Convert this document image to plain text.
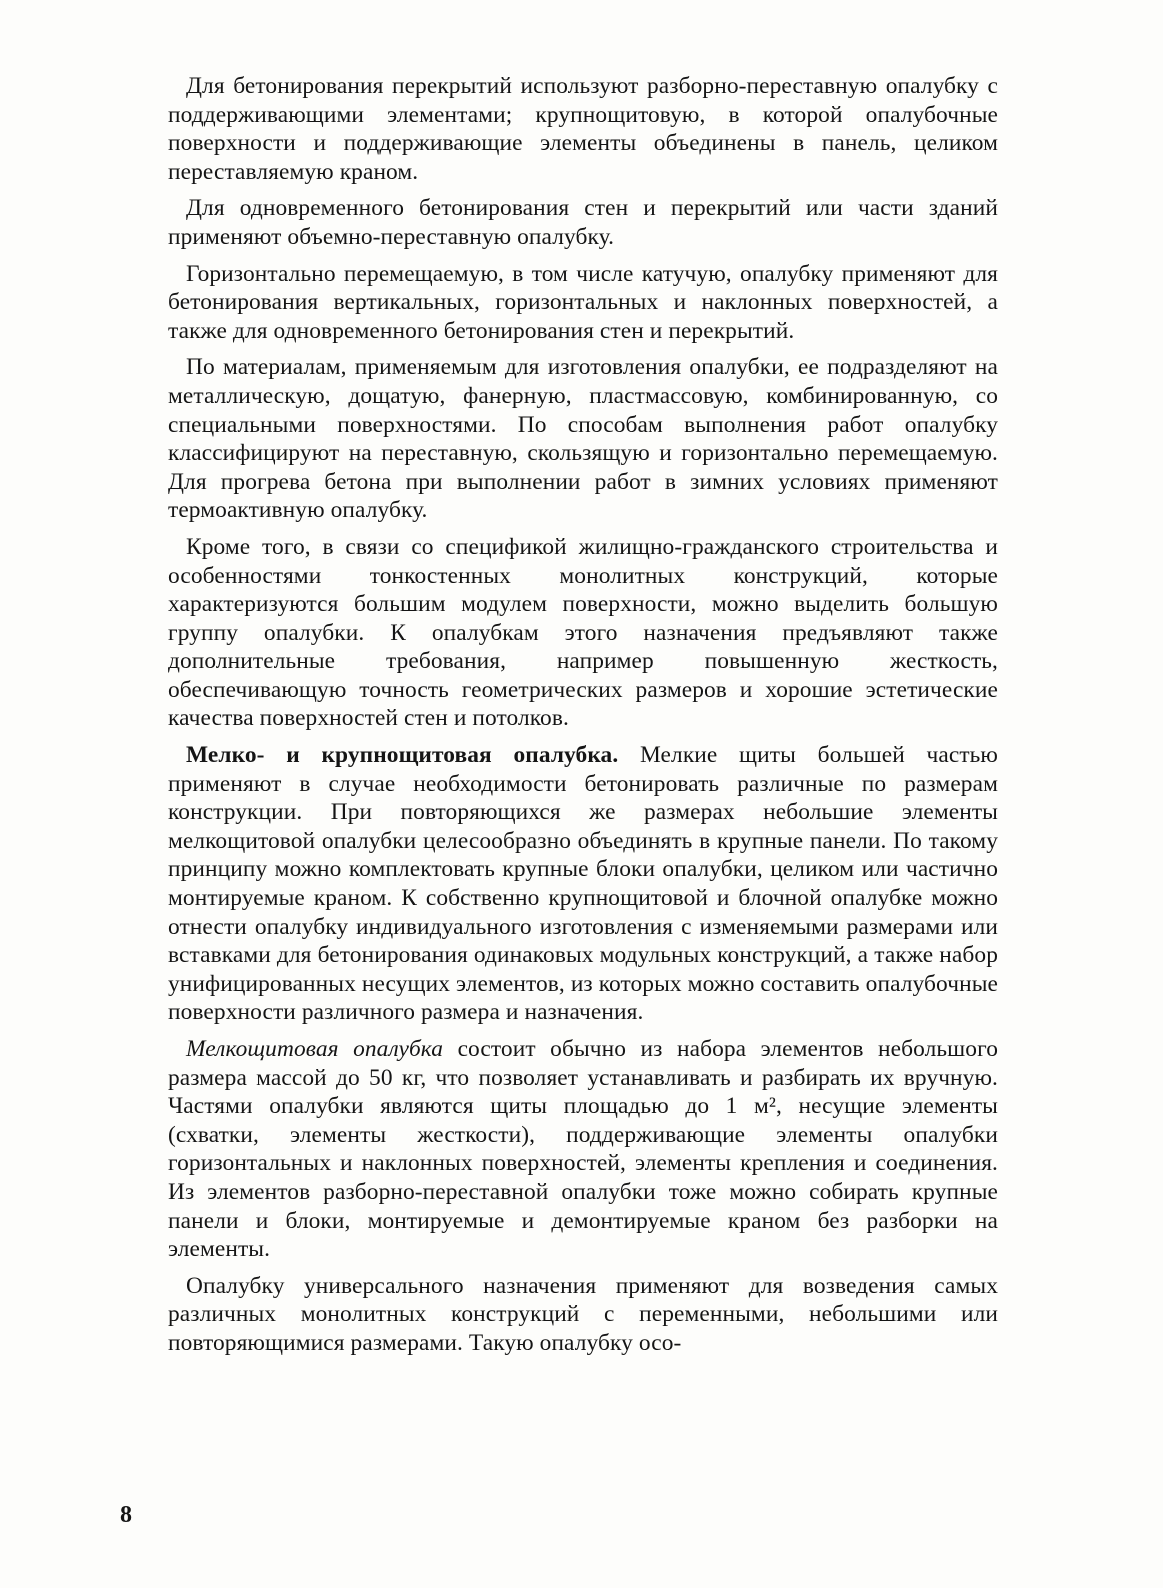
Для бетонирования перекрытий используют разборно-переставную опалубку с поддерживающими элементами; крупнощитовую, в которой опалубочные поверхности и поддерживающие элементы объединены в панель, целиком переставляемую краном.

Для одновременного бетонирования стен и перекрытий или части зданий применяют объемно-переставную опалубку.

Горизонтально перемещаемую, в том числе катучую, опалубку применяют для бетонирования вертикальных, горизонтальных и наклонных поверхностей, а также для одновременного бетонирования стен и перекрытий.

По материалам, применяемым для изготовления опалубки, ее подразделяют на металлическую, дощатую, фанерную, пластмассовую, комбинированную, со специальными поверхностями. По способам выполнения работ опалубку классифицируют на переставную, скользящую и горизонтально перемещаемую. Для прогрева бетона при выполнении работ в зимних условиях применяют термоактивную опалубку.

Кроме того, в связи со спецификой жилищно-гражданского строительства и особенностями тонкостенных монолитных конструкций, которые характеризуются большим модулем поверхности, можно выделить большую группу опалубки. К опалубкам этого назначения предъявляют также дополнительные требования, например повышенную жесткость, обеспечивающую точность геометрических размеров и хорошие эстетические качества поверхностей стен и потолков.

Мелко- и крупнощитовая опалубка. Мелкие щиты большей частью применяют в случае необходимости бетонировать различные по размерам конструкции. При повторяющихся же размерах небольшие элементы мелкощитовой опалубки целесообразно объединять в крупные панели. По такому принципу можно комплектовать крупные блоки опалубки, целиком или частично монтируемые краном. К собственно крупнощитовой и блочной опалубке можно отнести опалубку индивидуального изготовления с изменяемыми размерами или вставками для бетонирования одинаковых модульных конструкций, а также набор унифицированных несущих элементов, из которых можно составить опалубочные поверхности различного размера и назначения.

Мелкощитовая опалубка состоит обычно из набора элементов небольшого размера массой до 50 кг, что позволяет устанавливать и разбирать их вручную. Частями опалубки являются щиты площадью до 1 м², несущие элементы (схватки, элементы жесткости), поддерживающие элементы опалубки горизонтальных и наклонных поверхностей, элементы крепления и соединения. Из элементов разборно-переставной опалубки тоже можно собирать крупные панели и блоки, монтируемые и демонтируемые краном без разборки на элементы.

Опалубку универсального назначения применяют для возведения самых различных монолитных конструкций с переменными, небольшими или повторяющимися размерами. Такую опалубку осо-

8
